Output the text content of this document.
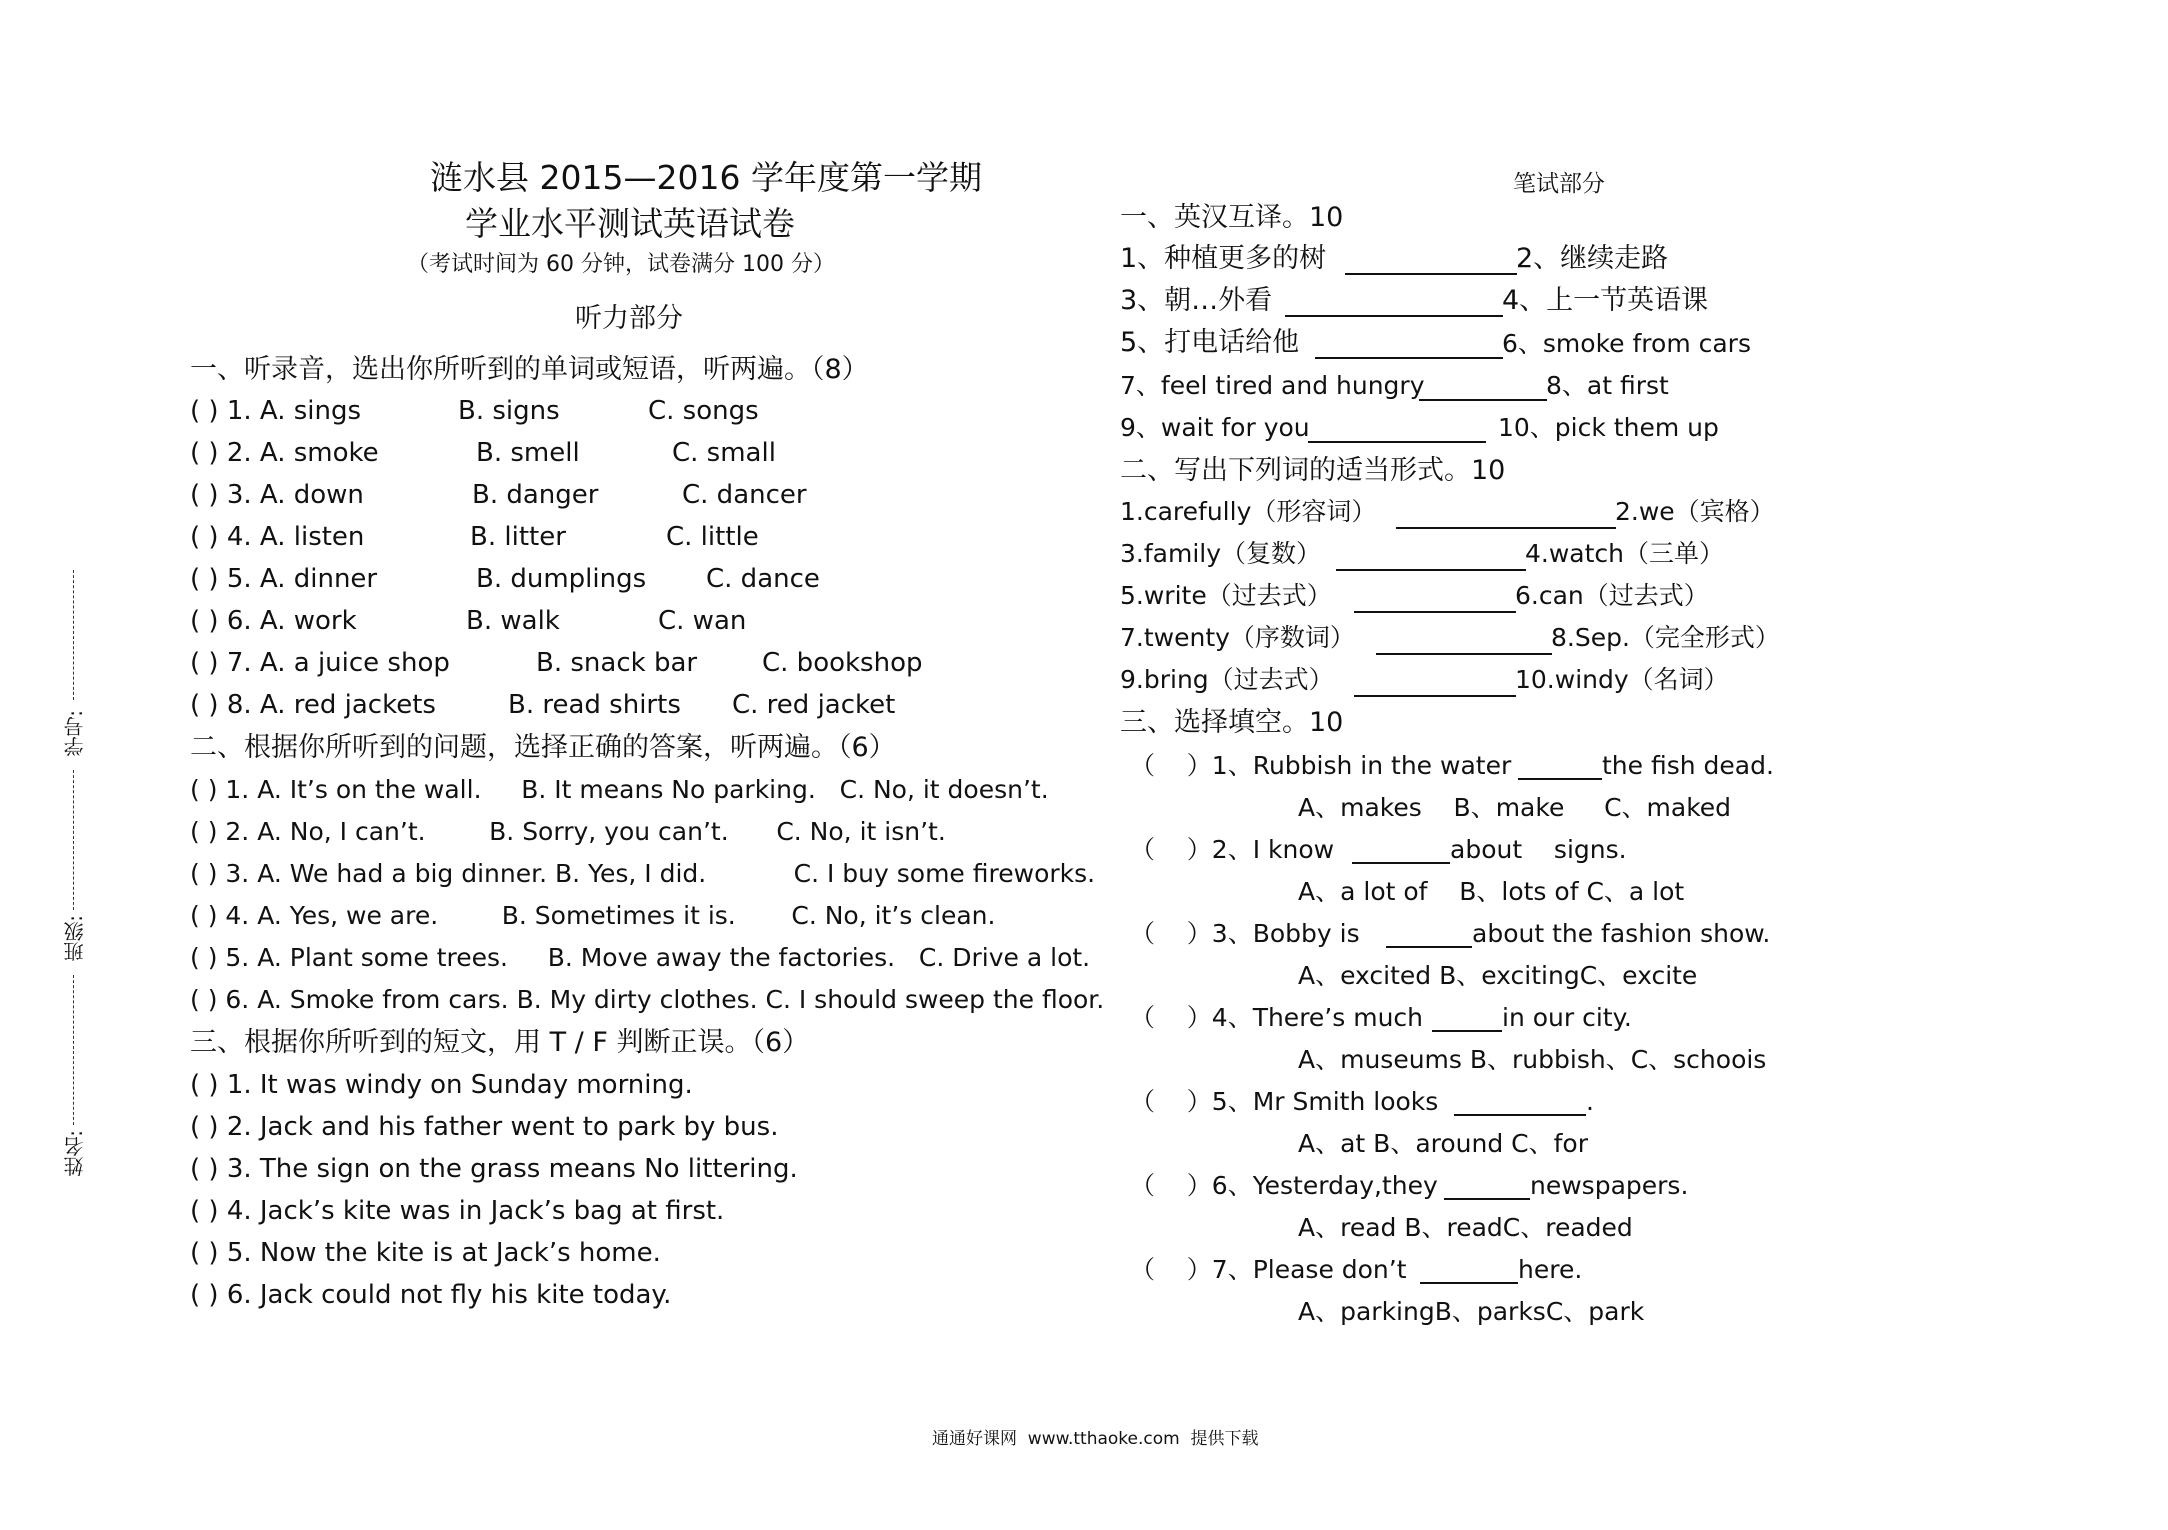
涟水县 2015—2016 学年度第一学期
学业水平测试英语试卷
（考试时间为 60 分钟，试卷满分 100 分）
听力部分
笔试部分
学号:
班级:
姓名:
一、听录音，选出你所听到的单词或短语，听两遍。（8）
( ) 1. A. sings	B. signs	C. songs
( ) 2. A. smoke	B. smell	C. small
( ) 3. A. down	B. danger	C. dancer
( ) 4. A. listen	B. litter	C. little
( ) 5. A. dinner	B. dumplings C. dance
( ) 6. A. work	B. walk	C. wan
( ) 7. A. a juice shop	B. snack bar C. bookshop
( ) 8. A. red jackets	B. read shirts C. red jacket
二、根据你所听到的问题，选择正确的答案，听两遍。（6）
( ) 1. A. It’s on the wall.     B. It means No parking.   C. No, it doesn’t.
( ) 2. A. No, I can’t.        B. Sorry, you can’t.      C. No, it isn’t.
( ) 3. A. We had a big dinner. B. Yes, I did.           C. I buy some fireworks.
( ) 4. A. Yes, we are.        B. Sometimes it is.       C. No, it’s clean.
( ) 5. A. Plant some trees.     B. Move away the factories.   C. Drive a lot.
( ) 6. A. Smoke from cars. B. My dirty clothes. C. I should sweep the floor.
三、根据你所听到的短文，用 T / F 判断正误。（6）
( ) 1. It was windy on Sunday morning.
( ) 2. Jack and his father went to park by bus.
( ) 3. The sign on the grass means No littering.
( ) 4. Jack’s kite was in Jack’s bag at first.
( ) 5. Now the kite is at Jack’s home.
( ) 6. Jack could not fly his kite today.
一、英汉互译。10
1、种植更多的树	2、继续走路
3、朝…外看	4、上一节英语课
5、打电话给他	6、smoke from cars
7、feel tired and hungry	8、at first
9、wait for you	10、pick them up
二、写出下列词的适当形式。10
1.carefully（形容词）	2.we（宾格）
3.family（复数）	4.watch（三单）
5.write（过去式）	6.can（过去式）
7.twenty（序数词）	8.Sep.（完全形式）
9.bring（过去式）	10.windy（名词）
三、选择填空。10
（    ）1、Rubbish in the water	the fish dead.
A、makes    B、make     C、maked
（    ）2、I know	about    signs.
A、a lot of    B、lots of C、a lot
（    ）3、Bobby is	about the fashion show.
A、excited B、excitingC、excite
（    ）4、There’s much	in our city.
A、museums B、rubbish、C、schoois
（    ）5、Mr Smith looks	.
A、at B、around C、for
（    ）6、Yesterday,they	newspapers.
A、read B、readC、readed
（    ）7、Please don’t	here.
A、parkingB、parksC、park
通通好课网  www.tthaoke.com  提供下载
